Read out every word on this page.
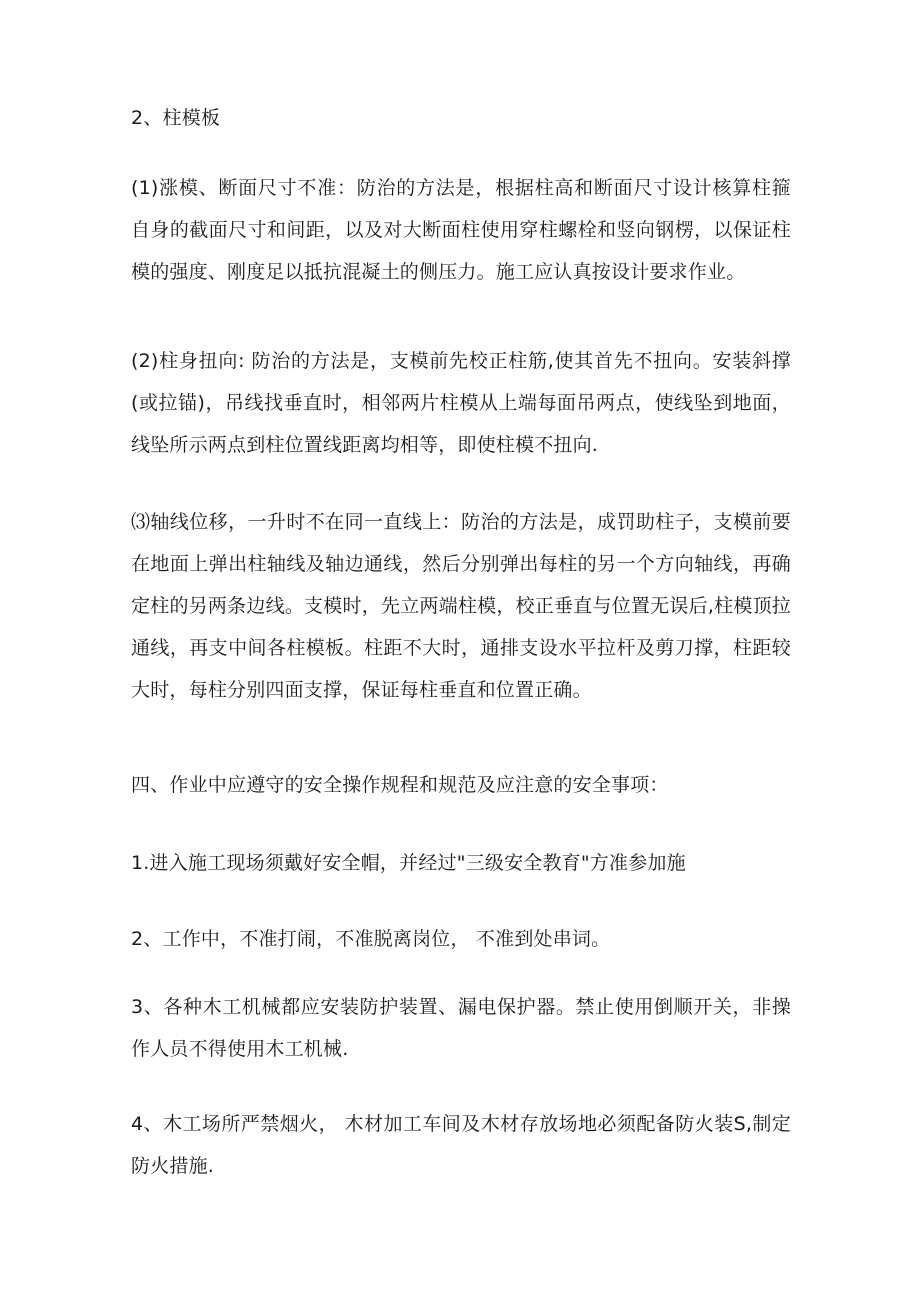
2、柱模板

(1)涨模、断面尺寸不准：防治的方法是，根据柱高和断面尺寸设计核算柱箍自身的截面尺寸和间距，以及对大断面柱使用穿柱螺栓和竖向钢楞，以保证柱模的强度、刚度足以抵抗混凝土的侧压力。施工应认真按设计要求作业。

(2)柱身扭向: 防治的方法是，支模前先校正柱筋,使其首先不扭向。安装斜撑(或拉锚)，吊线找垂直时，相邻两片柱模从上端每面吊两点，使线坠到地面，线坠所示两点到柱位置线距离均相等，即使柱模不扭向.

⑶轴线位移，一升时不在同一直线上：防治的方法是，成罚助柱子，支模前要在地面上弹出柱轴线及轴边通线，然后分别弹出每柱的另一个方向轴线，再确定柱的另两条边线。支模时，先立两端柱模，校正垂直与位置无误后,柱模顶拉通线，再支中间各柱模板。柱距不大时，通排支设水平拉杆及剪刀撑，柱距较大时，每柱分别四面支撑，保证每柱垂直和位置正确。

四、作业中应遵守的安全操作规程和规范及应注意的安全事项：

1.进入施工现场须戴好安全帽，并经过"三级安全教育"方准参加施

2、工作中，不准打闹，不准脱离岗位， 不准到处串词。

3、各种木工机械都应安装防护装置、漏电保护器。禁止使用倒顺开关，非操作人员不得使用木工机械.

4、木工场所严禁烟火， 木材加工车间及木材存放场地必须配备防火装S,制定防火措施.
